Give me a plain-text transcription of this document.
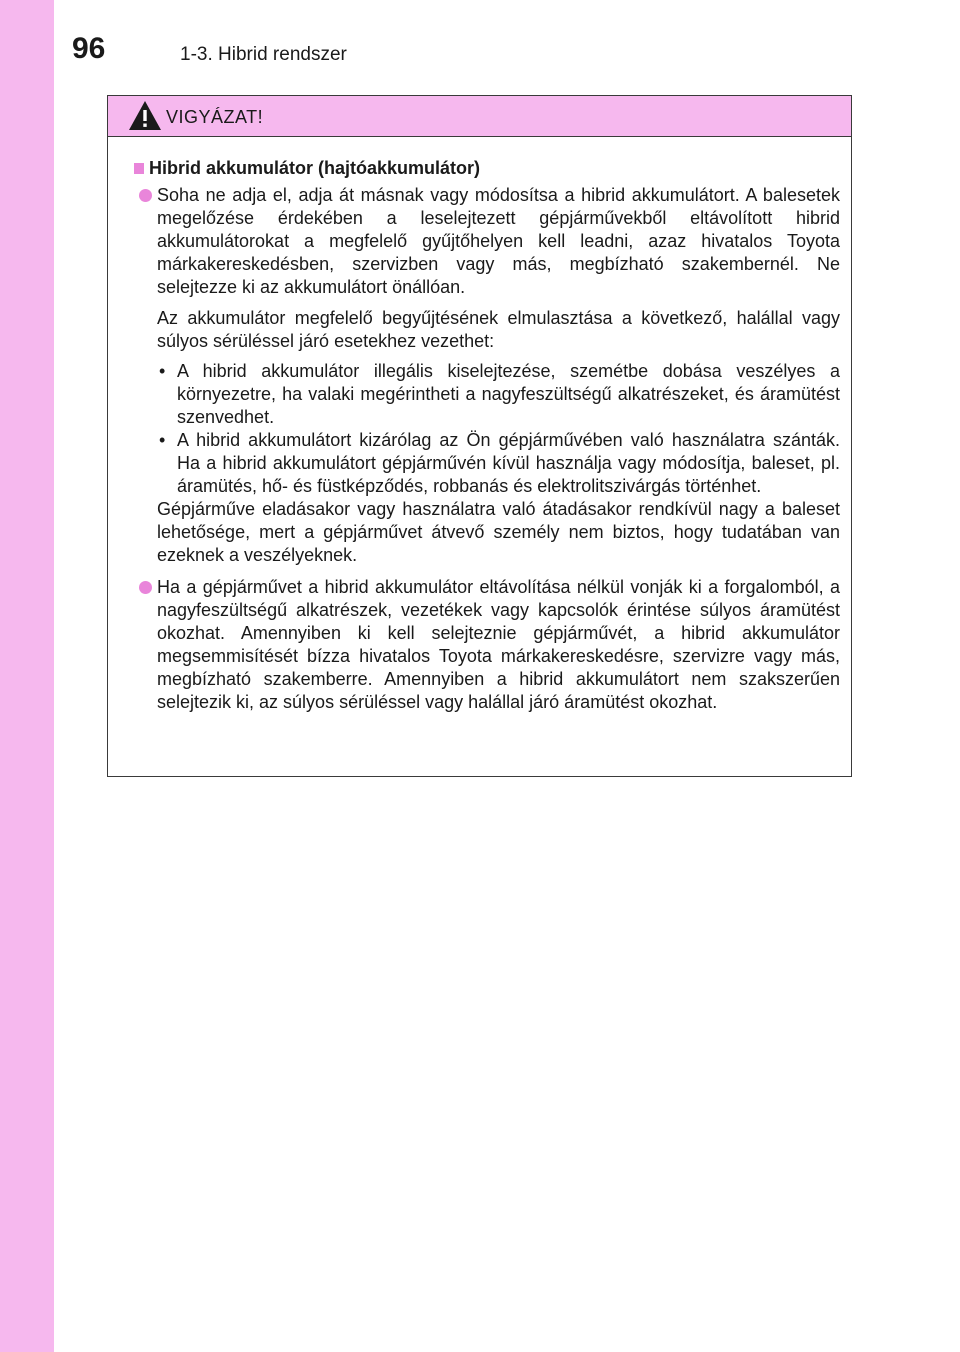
96	1-3. Hibrid rendszer
VIGYÁZAT!
Hibrid akkumulátor (hajtóakkumulátor)

Soha ne adja el, adja át másnak vagy módosítsa a hibrid akkumulátort. A balesetek megelőzése érdekében a leselejtezett gépjárművekből eltávolított hibrid akkumulátorokat a megfelelő gyűjtőhelyen kell leadni, azaz hivatalos Toyota márkakereskedésben, szervizben vagy más, megbízható szakembernél. Ne selejtezze ki az akkumulátort önállóan.

Az akkumulátor megfelelő begyűjtésének elmulasztása a következő, halállal vagy súlyos sérüléssel járó esetekhez vezethet:

• A hibrid akkumulátor illegális kiselejtezése, szemétbe dobása veszélyes a környezetre, ha valaki megérintheti a nagyfeszültségű alkatrészeket, és áramütést szenvedhet.
• A hibrid akkumulátort kizárólag az Ön gépjárművében való használatra szánták. Ha a hibrid akkumulátort gépjárművén kívül használja vagy módosítja, baleset, pl. áramütés, hő- és füstképződés, robbanás és elektrolitszivárgás történhet.

Gépjárműve eladásakor vagy használatra való átadásakor rendkívül nagy a baleset lehetősége, mert a gépjárművet átvevő személy nem biztos, hogy tudatában van ezeknek a veszélyeknek.

Ha a gépjárművet a hibrid akkumulátor eltávolítása nélkül vonják ki a forgalomból, a nagyfeszültségű alkatrészek, vezetékek vagy kapcsolók érintése súlyos áramütést okozhat. Amennyiben ki kell selejteznie gépjárművét, a hibrid akkumulátor megsemmisítését bízza hivatalos Toyota márkakereskedésre, szervizre vagy más, megbízható szakemberre. Amennyiben a hibrid akkumulátort nem szakszerűen selejtezik ki, az súlyos sérüléssel vagy halállal járó áramütést okozhat.
